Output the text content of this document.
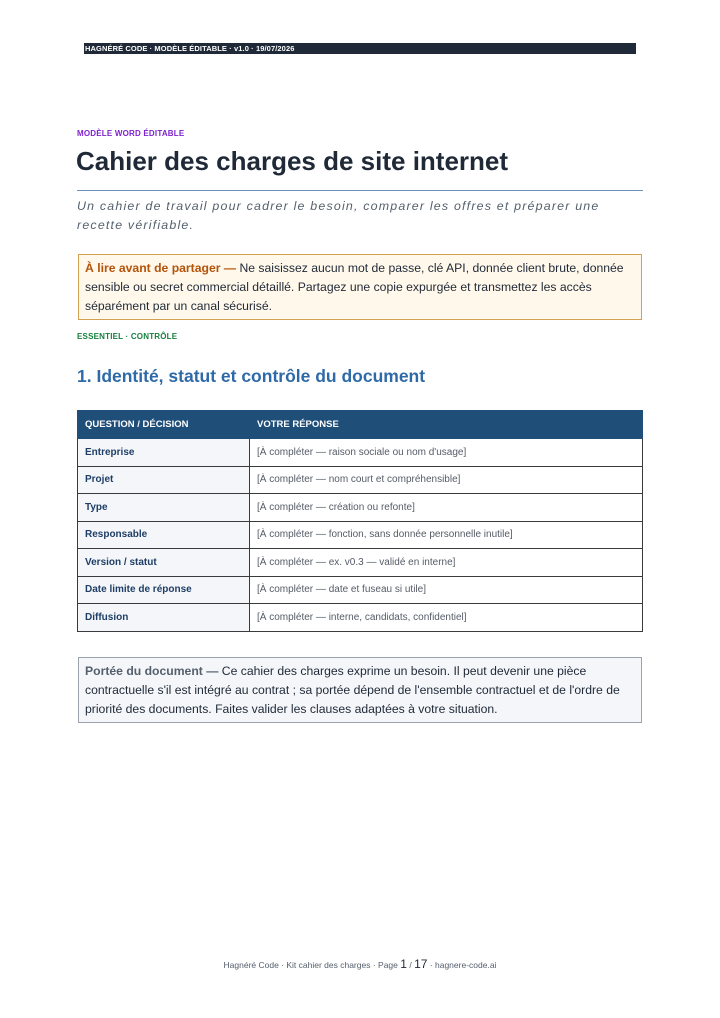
HAGNÉRÉ CODE · MODÈLE ÉDITABLE · v1.0 · 19/07/2026
MODÈLE WORD ÉDITABLE
Cahier des charges de site internet
Un cahier de travail pour cadrer le besoin, comparer les offres et préparer une recette vérifiable.
À lire avant de partager — Ne saisissez aucun mot de passe, clé API, donnée client brute, donnée sensible ou secret commercial détaillé. Partagez une copie expurgée et transmettez les accès séparément par un canal sécurisé.
ESSENTIEL · CONTRÔLE
1. Identité, statut et contrôle du document
QUESTION / DÉCISION	VOTRE RÉPONSE
Entreprise	[À compléter — raison sociale ou nom d'usage]
Projet	[À compléter — nom court et compréhensible]
Type	[À compléter — création ou refonte]
Responsable	[À compléter — fonction, sans donnée personnelle inutile]
Version / statut	[À compléter — ex. v0.3 — validé en interne]
Date limite de réponse	[À compléter — date et fuseau si utile]
Diffusion	[À compléter — interne, candidats, confidentiel]
Portée du document — Ce cahier des charges exprime un besoin. Il peut devenir une pièce contractuelle s'il est intégré au contrat ; sa portée dépend de l'ensemble contractuel et de l'ordre de priorité des documents. Faites valider les clauses adaptées à votre situation.
Hagnéré Code · Kit cahier des charges · Page 1 / 17 · hagnere-code.ai
